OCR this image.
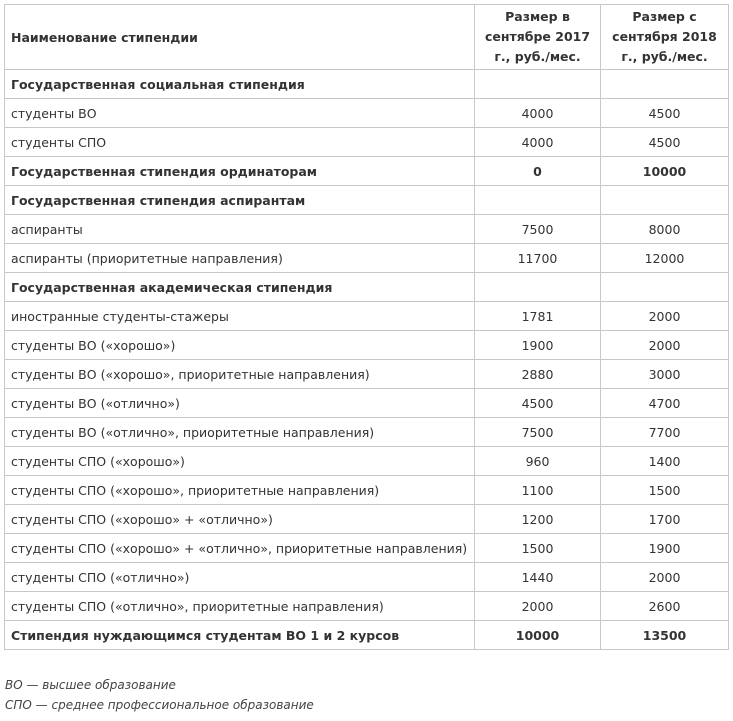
Наименование стипендии	Размер в сентябре 2017 г., руб./мес.	Размер с сентября 2018 г., руб./мес.
Государственная социальная стипендия		
студенты ВО	4000	4500
студенты СПО	4000	4500
Государственная стипендия ординаторам	0	10000
Государственная стипендия аспирантам		
аспиранты	7500	8000
аспиранты (приоритетные направления)	11700	12000
Государственная академическая стипендия		
иностранные студенты-стажеры	1781	2000
студенты ВО («хорошо»)	1900	2000
студенты ВО («хорошо», приоритетные направления)	2880	3000
студенты ВО («отлично»)	4500	4700
студенты ВО («отлично», приоритетные направления)	7500	7700
студенты СПО («хорошо»)	960	1400
студенты СПО («хорошо», приоритетные направления)	1100	1500
студенты СПО («хорошо» + «отлично»)	1200	1700
студенты СПО («хорошо» + «отлично», приоритетные направления)	1500	1900
студенты СПО («отлично»)	1440	2000
студенты СПО («отлично», приоритетные направления)	2000	2600
Стипендия нуждающимся студентам ВО 1 и 2 курсов	10000	13500
ВО — высшее образование
СПО — среднее профессиональное образование
